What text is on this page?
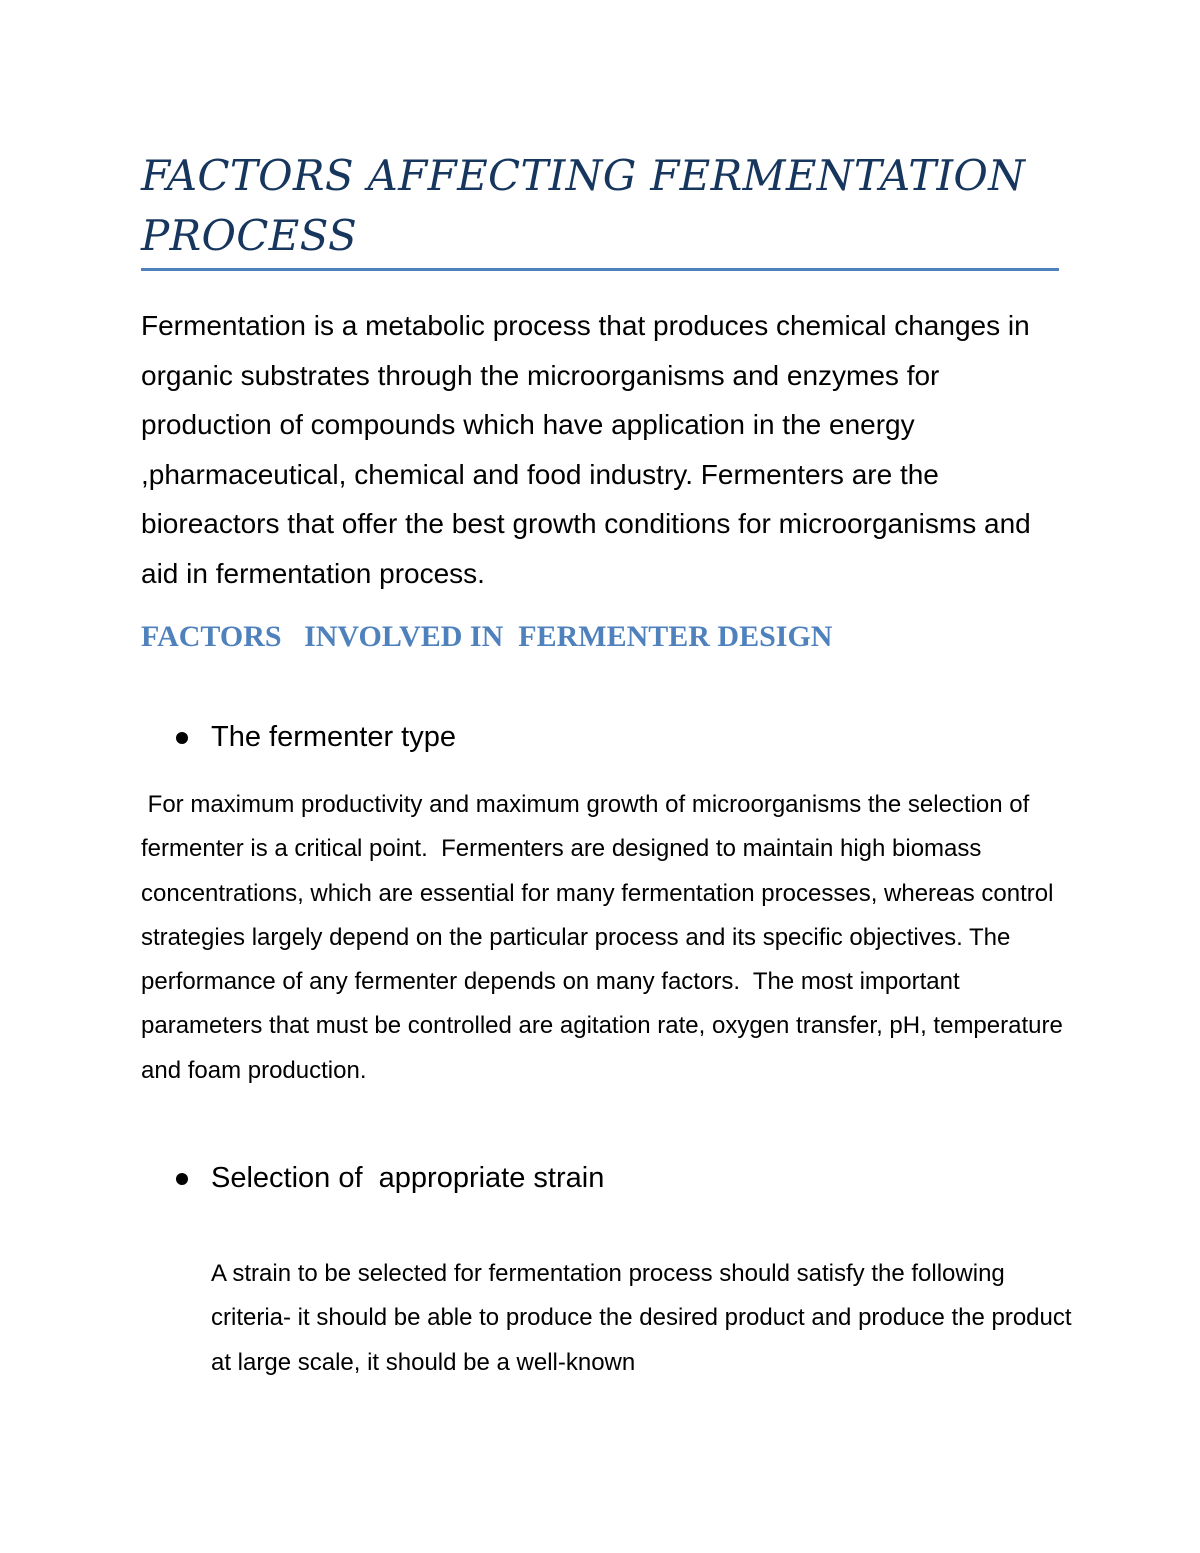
FACTORS AFFECTING FERMENTATION PROCESS

Fermentation is a metabolic process that produces chemical changes in organic substrates through the microorganisms and enzymes for production of compounds which have application in the energy ,pharmaceutical, chemical and food industry. Fermenters are the bioreactors that offer the best growth conditions for microorganisms and aid in fermentation process.

FACTORS   INVOLVED IN  FERMENTER DESIGN

The fermenter type

For maximum productivity and maximum growth of microorganisms the selection of fermenter is a critical point.  Fermenters are designed to maintain high biomass concentrations, which are essential for many fermentation processes, whereas control strategies largely depend on the particular process and its specific objectives. The performance of any fermenter depends on many factors.  The most important parameters that must be controlled are agitation rate, oxygen transfer, pH, temperature and foam production.

Selection of  appropriate strain

A strain to be selected for fermentation process should satisfy the following criteria- it should be able to produce the desired product and produce the product at large scale, it should be a well-known
